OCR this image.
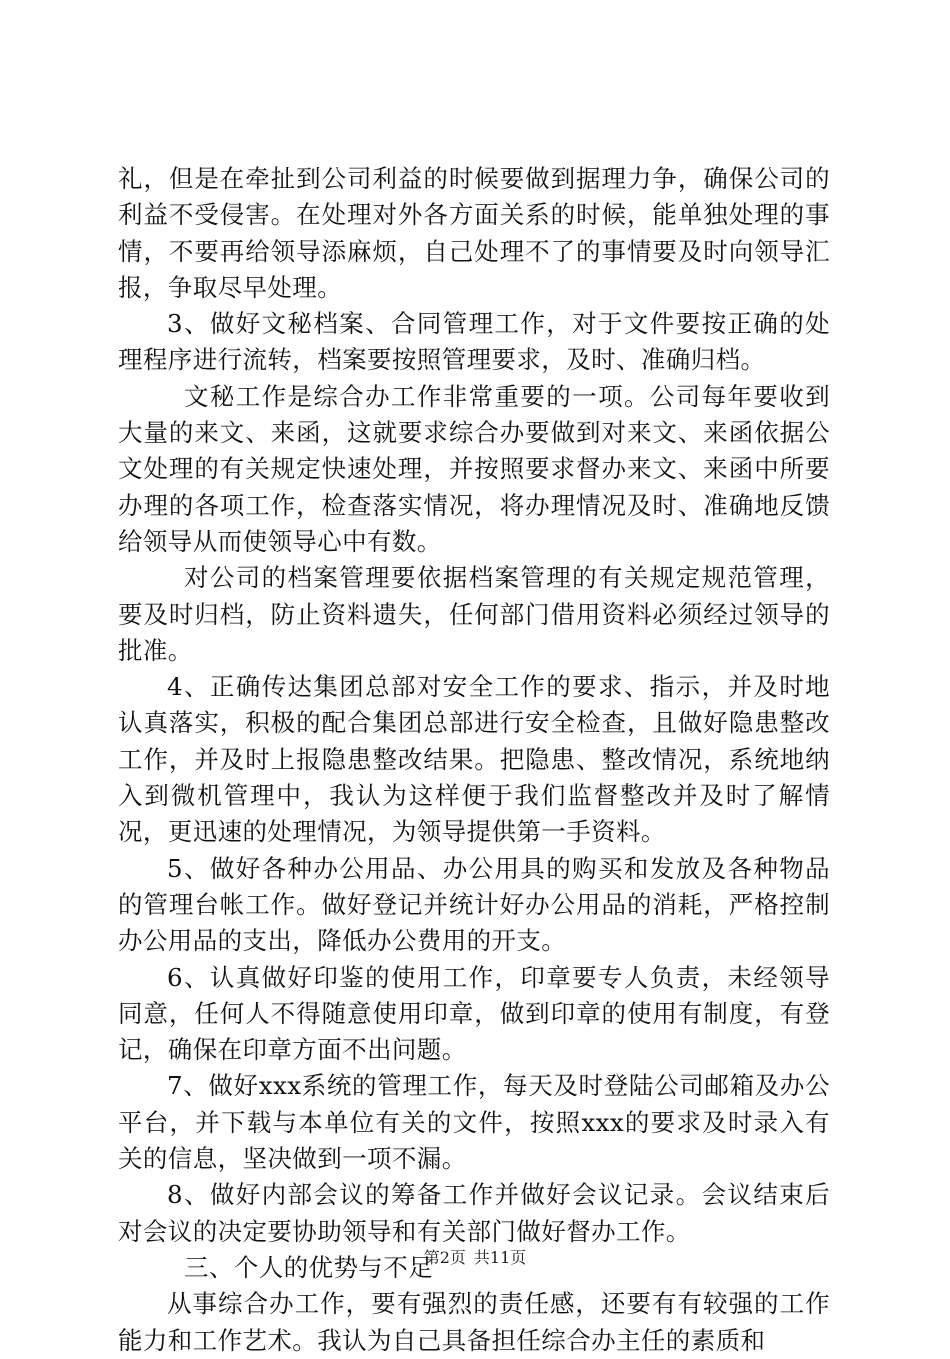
礼，但是在牵扯到公司利益的时候要做到据理力争，确保公司的利益不受侵害。在处理对外各方面关系的时候，能单独处理的事情，不要再给领导添麻烦，自己处理不了的事情要及时向领导汇报，争取尽早处理。

3、做好文秘档案、合同管理工作，对于文件要按正确的处理程序进行流转，档案要按照管理要求，及时、准确归档。

文秘工作是综合办工作非常重要的一项。公司每年要收到大量的来文、来函，这就要求综合办要做到对来文、来函依据公文处理的有关规定快速处理，并按照要求督办来文、来函中所要办理的各项工作，检查落实情况，将办理情况及时、准确地反馈给领导从而使领导心中有数。

对公司的档案管理要依据档案管理的有关规定规范管理，要及时归档，防止资料遗失，任何部门借用资料必须经过领导的批准。

4、正确传达集团总部对安全工作的要求、指示，并及时地认真落实，积极的配合集团总部进行安全检查，且做好隐患整改工作，并及时上报隐患整改结果。把隐患、整改情况，系统地纳入到微机管理中，我认为这样便于我们监督整改并及时了解情况，更迅速的处理情况，为领导提供第一手资料。

5、做好各种办公用品、办公用具的购买和发放及各种物品的管理台帐工作。做好登记并统计好办公用品的消耗，严格控制办公用品的支出，降低办公费用的开支。

6、认真做好印鉴的使用工作，印章要专人负责，未经领导同意，任何人不得随意使用印章，做到印章的使用有制度，有登记，确保在印章方面不出问题。

7、做好xxx系统的管理工作，每天及时登陆公司邮箱及办公平台，并下载与本单位有关的文件，按照xxx的要求及时录入有关的信息，坚决做到一项不漏。

8、做好内部会议的筹备工作并做好会议记录。会议结束后对会议的决定要协助领导和有关部门做好督办工作。

三、个人的优势与不足

从事综合办工作，要有强烈的责任感，还要有有较强的工作能力和工作艺术。我认为自己具备担任综合办主任的素质和

第2页 共11页
